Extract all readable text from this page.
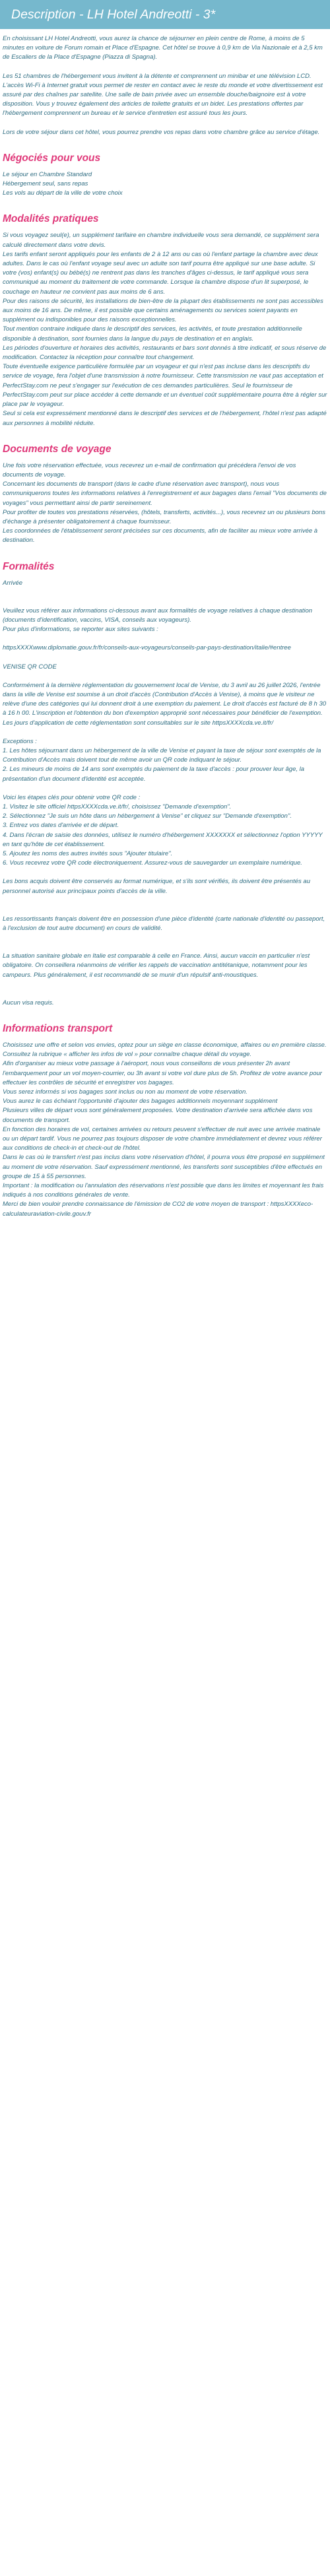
Description - LH Hotel Andreotti - 3*

En choisissant LH Hotel Andreotti, vous aurez la chance de séjourner en plein centre de Rome, à moins de 5 minutes en voiture de Forum romain et Place d'Espagne. Cet hôtel se trouve à 0,9 km de Via Nazionale et à 2,5 km de Escaliers de la Place d'Espagne (Piazza di Spagna).

Les 51 chambres de l'hébergement vous invitent à la détente et comprennent un minibar et une télévision LCD. L'accès Wi-Fi à Internet gratuit vous permet de rester en contact avec le reste du monde et votre divertissement est assuré par des chaînes par satellite. Une salle de bain privée avec un ensemble douche/baignoire est à votre disposition. Vous y trouvez également des articles de toilette gratuits et un bidet. Les prestations offertes par l'hébergement comprennent un bureau et le service d'entretien est assuré tous les jours.

Lors de votre séjour dans cet hôtel, vous pourrez prendre vos repas dans votre chambre grâce au service d'étage.

Négociés pour vous

Le séjour en Chambre Standard
Hébergement seul, sans repas
Les vols au départ de la ville de votre choix

Modalités pratiques

Si vous voyagez seul(e), un supplément tarifaire en chambre individuelle vous sera demandé, ce supplément sera calculé directement dans votre devis.
Les tarifs enfant seront appliqués pour les enfants de 2 à 12 ans ou cas où l'enfant partage la chambre avec deux adultes. Dans le cas où l'enfant voyage seul avec un adulte son tarif pourra être appliqué sur une base adulte. Si votre (vos) enfant(s) ou bébé(s) ne rentrent pas dans les tranches d'âges ci-dessus, le tarif appliqué vous sera communiqué au moment du traitement de votre commande. Lorsque la chambre dispose d'un lit superposé, le couchage en hauteur ne convient pas aux moins de 6 ans.
Pour des raisons de sécurité, les installations de bien-être de la plupart des établissements ne sont pas accessibles aux moins de 16 ans. De même, il est possible que certains aménagements ou services soient payants en supplément ou indisponibles pour des raisons exceptionnelles.
Tout mention contraire indiquée dans le descriptif des services, les activités, et toute prestation additionnelle disponible à destination, sont fournies dans la langue du pays de destination et en anglais.
Les périodes d'ouverture et horaires des activités, restaurants et bars sont donnés à titre indicatif, et sous réserve de modification. Contactez la réception pour connaître tout changement.
Toute éventuelle exigence particulière formulée par un voyageur et qui n'est pas incluse dans les descriptifs du service de voyage, fera l'objet d'une transmission à notre fournisseur. Cette transmission ne vaut pas acceptation et PerfectStay.com ne peut s'engager sur l'exécution de ces demandes particulières. Seul le fournisseur de PerfectStay.com peut sur place accéder à cette demande et un éventuel coût supplémentaire pourra être à régler sur place par le voyageur.
Seul si cela est expressément mentionné dans le descriptif des services et de l'hébergement, l'hôtel n'est pas adapté aux personnes à mobilité réduite.

Documents de voyage

Une fois votre réservation effectuée, vous recevrez un e-mail de confirmation qui précédera l'envoi de vos documents de voyage.
Concernant les documents de transport (dans le cadre d'une réservation avec transport), nous vous communiquerons toutes les informations relatives à l'enregistrement et aux bagages dans l'email "Vos documents de voyages" vous permettant ainsi de partir sereinement.
Pour profiter de toutes vos prestations réservées, (hôtels, transferts, activités...), vous recevrez un ou plusieurs bons d'échange à présenter obligatoirement à chaque fournisseur.
Les coordonnées de l'établissement seront précisées sur ces documents, afin de faciliter au mieux votre arrivée à destination.

Formalités

Arrivée

Veuillez vous référer aux informations ci-dessous avant aux formalités de voyage relatives à chaque destination (documents d'identification, vaccins, VISA, conseils aux voyageurs).
Pour plus d'informations, se reporter aux sites suivants :

httpsXXXXwww.diplomatie.gouv.fr/fr/conseils-aux-voyageurs/conseils-par-pays-destination/italie/#entree

VENISE QR CODE

Conformément à la dernière réglementation du gouvernement local de Venise, du 3 avril au 26 juillet 2026, l'entrée dans la ville de Venise est soumise à un droit d'accès (Contribution d'Accès à Venise), à moins que le visiteur ne relève d'une des catégories qui lui donnent droit à une exemption du paiement. Le droit d'accès est facturé de 8 h 30 à 16 h 00. L'inscription et l'obtention du bon d'exemption approprié sont nécessaires pour bénéficier de l'exemption. Les jours d'application de cette réglementation sont consultables sur le site httpsXXXXcda.ve.it/fr/

Exceptions :
1. Les hôtes séjournant dans un hébergement de la ville de Venise et payant la taxe de séjour sont exemptés de la Contribution d'Accès mais doivent tout de même avoir un QR code indiquant le séjour.
2. Les mineurs de moins de 14 ans sont exemptés du paiement de la taxe d'accès : pour prouver leur âge, la présentation d'un document d'identité est acceptée.

Voici les étapes clés pour obtenir votre QR code :
1. Visitez le site officiel httpsXXXXcda.ve.it/fr/, choisissez "Demande d'exemption".
2. Sélectionnez "Je suis un hôte dans un hébergement à Venise" et cliquez sur "Demande d'exemption".
3. Entrez vos dates d'arrivée et de départ.
4. Dans l'écran de saisie des données, utilisez le numéro d'hébergement XXXXXXX et sélectionnez l'option YYYYY en tant qu'hôte de cet établissement.
5. Ajoutez les noms des autres invités sous "Ajouter titulaire".
6. Vous recevrez votre QR code électroniquement. Assurez-vous de sauvegarder un exemplaire numérique.

Les bons acquis doivent être conservés au format numérique, et s'ils sont vérifiés, ils doivent être présentés au personnel autorisé aux principaux points d'accès de la ville.

Les ressortissants français doivent être en possession d'une pièce d'identité (carte nationale d'identité ou passeport, à l'exclusion de tout autre document) en cours de validité.

La situation sanitaire globale en Italie est comparable à celle en France. Ainsi, aucun vaccin en particulier n'est obligatoire. On conseillera néanmoins de vérifier les rappels de vaccination antitétanique, notamment pour les campeurs. Plus généralement, il est recommandé de se munir d'un répulsif anti-moustiques.

Aucun visa requis.

Informations transport

Choisissez une offre et selon vos envies, optez pour un siège en classe économique, affaires ou en première classe.
Consultez la rubrique « afficher les infos de vol » pour connaître chaque détail du voyage.
Afin d'organiser au mieux votre passage à l'aéroport, nous vous conseillons de vous présenter 2h avant l'embarquement pour un vol moyen-courrier, ou 3h avant si votre vol dure plus de 5h. Profitez de votre avance pour effectuer les contrôles de sécurité et enregistrer vos bagages.
Vous serez informés si vos bagages sont inclus ou non au moment de votre réservation.
Vous aurez le cas échéant l'opportunité d'ajouter des bagages additionnels moyennant supplément
Plusieurs villes de départ vous sont généralement proposées. Votre destination d'arrivée sera affichée dans vos documents de transport.
En fonction des horaires de vol, certaines arrivées ou retours peuvent s'effectuer de nuit avec une arrivée matinale ou un départ tardif. Vous ne pourrez pas toujours disposer de votre chambre immédiatement et devrez vous référer aux conditions de check-in et check-out de l'hôtel.
Dans le cas où le transfert n'est pas inclus dans votre réservation d'hôtel, il pourra vous être proposé en supplément au moment de votre réservation. Sauf expressément mentionné, les transferts sont susceptibles d'être effectués en groupe de 15 à 55 personnes.
Important : la modification ou l'annulation des réservations n'est possible que dans les limites et moyennant les frais indiqués à nos conditions générales de vente.
Merci de bien vouloir prendre connaissance de l'émission de CO2 de votre moyen de transport : httpsXXXXeco-calculateuraviation-civile.gouv.fr
